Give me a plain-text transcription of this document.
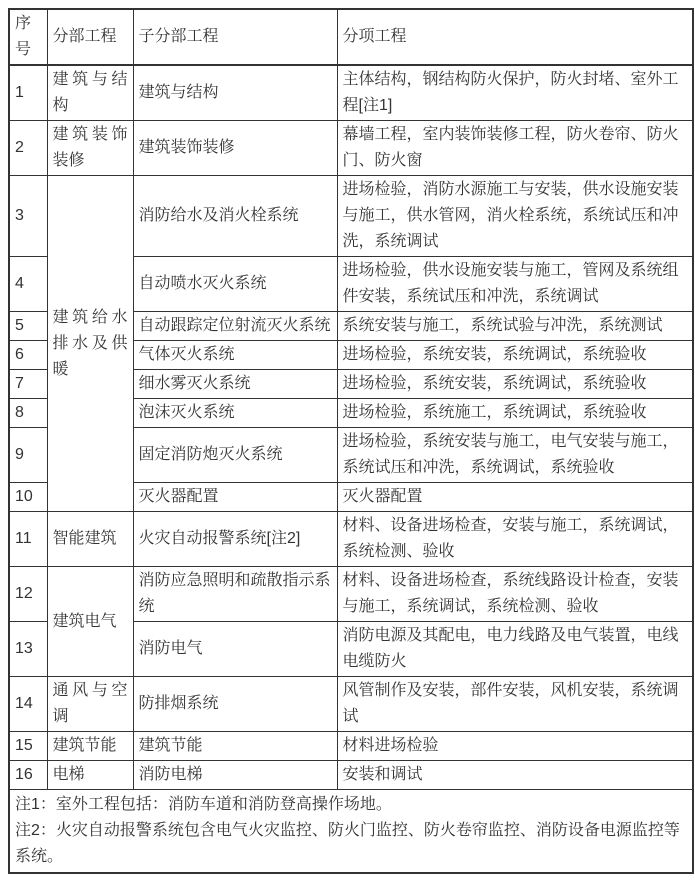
序号	分部工程	子分部工程	分项工程
1	建筑与结构	建筑与结构	主体结构，钢结构防火保护，防火封堵、室外工程[注1]
2	建筑装饰装修	建筑装饰装修	幕墙工程，室内装饰装修工程，防火卷帘、防火门、防火窗
3	建筑给水排水及供暖	消防给水及消火栓系统	进场检验，消防水源施工与安装，供水设施安装与施工，供水管网，消火栓系统，系统试压和冲洗，系统调试
4		自动喷水灭火系统	进场检验，供水设施安装与施工，管网及系统组件安装，系统试压和冲洗，系统调试
5		自动跟踪定位射流灭火系统	系统安装与施工，系统试验与冲洗，系统测试
6		气体灭火系统	进场检验，系统安装，系统调试，系统验收
7		细水雾灭火系统	进场检验，系统安装，系统调试，系统验收
8		泡沫灭火系统	进场检验，系统施工，系统调试，系统验收
9		固定消防炮灭火系统	进场检验，系统安装与施工，电气安装与施工，系统试压和冲洗，系统调试，系统验收
10		灭火器配置	灭火器配置
11	智能建筑	火灾自动报警系统[注2]	材料、设备进场检查，安装与施工，系统调试，系统检测、验收
12	建筑电气	消防应急照明和疏散指示系统	材料、设备进场检查，系统线路设计检查，安装与施工，系统调试，系统检测、验收
13		消防电气	消防电源及其配电，电力线路及电气装置，电线电缆防火
14	通风与空调	防排烟系统	风管制作及安装，部件安装，风机安装，系统调试
15	建筑节能	建筑节能	材料进场检验
16	电梯	消防电梯	安装和调试

注1：室外工程包括：消防车道和消防登高操作场地。

注2：火灾自动报警系统包含电气火灾监控、防火门监控、防火卷帘监控、消防设备电源监控等系统。			
